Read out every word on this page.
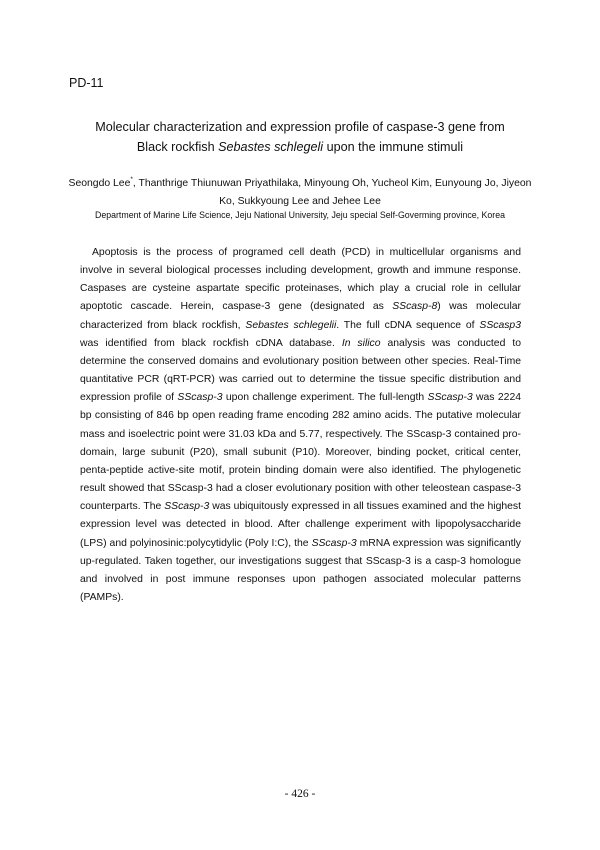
PD-11
Molecular characterization and expression profile of caspase-3 gene from
Black rockfish Sebastes schlegeli upon the immune stimuli
Seongdo Lee*, Thanthrige Thiunuwan Priyathilaka, Minyoung Oh, Yucheol Kim, Eunyoung Jo, Jiyeon Ko, Sukkyoung Lee and Jehee Lee
Department of Marine Life Science, Jeju National University, Jeju special Self-Goverming province, Korea

Apoptosis is the process of programed cell death (PCD) in multicellular organisms and involve in several biological processes including development, growth and immune response. Caspases are cysteine aspartate specific proteinases, which play a crucial role in cellular apoptotic cascade. Herein, caspase-3 gene (designated as SScasp-8) was molecular characterized from black rockfish, Sebastes schlegelii. The full cDNA sequence of SScasp3 was identified from black rockfish cDNA database. In silico analysis was conducted to determine the conserved domains and evolutionary position between other species. Real-Time quantitative PCR (qRT-PCR) was carried out to determine the tissue specific distribution and expression profile of SScasp-3 upon challenge experiment. The full-length SScasp-3 was 2224 bp consisting of 846 bp open reading frame encoding 282 amino acids. The putative molecular mass and isoelectric point were 31.03 kDa and 5.77, respectively. The SScasp-3 contained pro-domain, large subunit (P20), small subunit (P10). Moreover, binding pocket, critical center, penta-peptide active-site motif, protein binding domain were also identified. The phylogenetic result showed that SScasp-3 had a closer evolutionary position with other teleostean caspase-3 counterparts. The SScasp-3 was ubiquitously expressed in all tissues examined and the highest expression level was detected in blood. After challenge experiment with lipopolysaccharide (LPS) and polyinosinic:polycytidylic (Poly I:C), the SScasp-3 mRNA expression was significantly up-regulated. Taken together, our investigations suggest that SScasp-3 is a casp-3 homologue and involved in post immune responses upon pathogen associated molecular patterns (PAMPs).

- 426 -
